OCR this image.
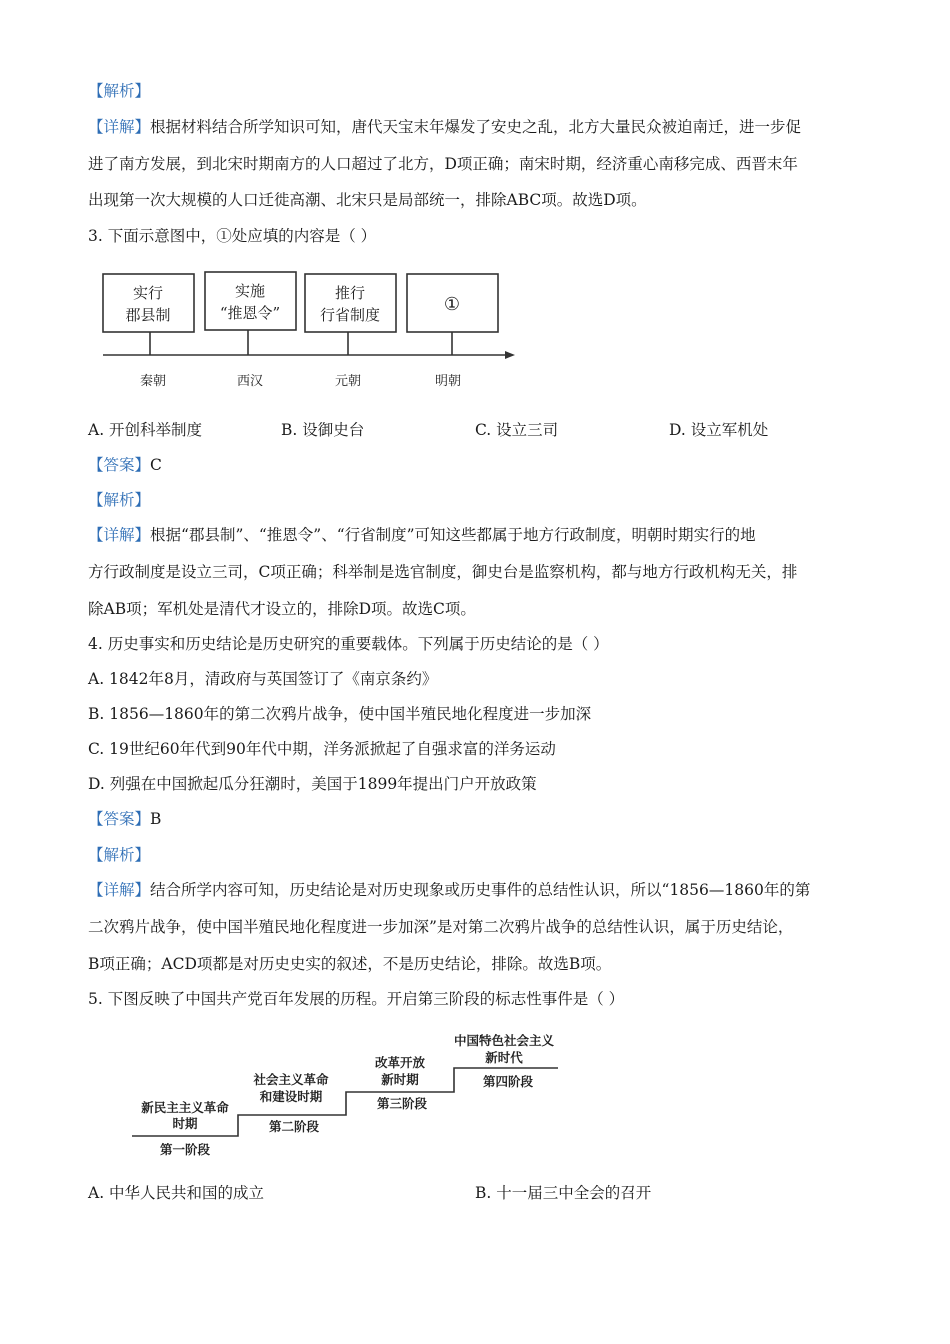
【解析】
【详解】根据材料结合所学知识可知，唐代天宝末年爆发了安史之乱，北方大量民众被迫南迁，进一步促
进了南方发展，到北宋时期南方的人口超过了北方，D项正确；南宋时期，经济重心南移完成、西晋末年
出现第一次大规模的人口迁徙高潮、北宋只是局部统一，排除ABC项。故选D项。
3. 下面示意图中，①处应填的内容是（ ）
实行
郡县制
实施
“推恩令”
推行
行省制度	①
秦朝	西汉	元朝	明朝
A. 开创科举制度	B. 设御史台	C. 设立三司	D. 设立军机处
【答案】C
【解析】
【详解】根据“郡县制”、“推恩令”、“行省制度”可知这些都属于地方行政制度，明朝时期实行的地
方行政制度是设立三司，C项正确；科举制是选官制度，御史台是监察机构，都与地方行政机构无关，排
除AB项；军机处是清代才设立的，排除D项。故选C项。
4. 历史事实和历史结论是历史研究的重要载体。下列属于历史结论的是（ ）
A. 1842年8月，清政府与英国签订了《南京条约》
B. 1856—1860年的第二次鸦片战争，使中国半殖民地化程度进一步加深
C. 19世纪60年代到90年代中期，洋务派掀起了自强求富的洋务运动
D. 列强在中国掀起瓜分狂潮时，美国于1899年提出门户开放政策
【答案】B
【解析】
【详解】结合所学内容可知，历史结论是对历史现象或历史事件的总结性认识，所以“1856—1860年的第
二次鸦片战争，使中国半殖民地化程度进一步加深”是对第二次鸦片战争的总结性认识，属于历史结论，
B项正确；ACD项都是对历史史实的叙述，不是历史结论，排除。故选B项。
5. 下图反映了中国共产党百年发展的历程。开启第三阶段的标志性事件是（ ）
新民主主义革命
时期
第一阶段
社会主义革命
和建设时期
第二阶段
改革开放
新时期
第三阶段
中国特色社会主义
新时代
第四阶段
A. 中华人民共和国的成立	B. 十一届三中全会的召开
